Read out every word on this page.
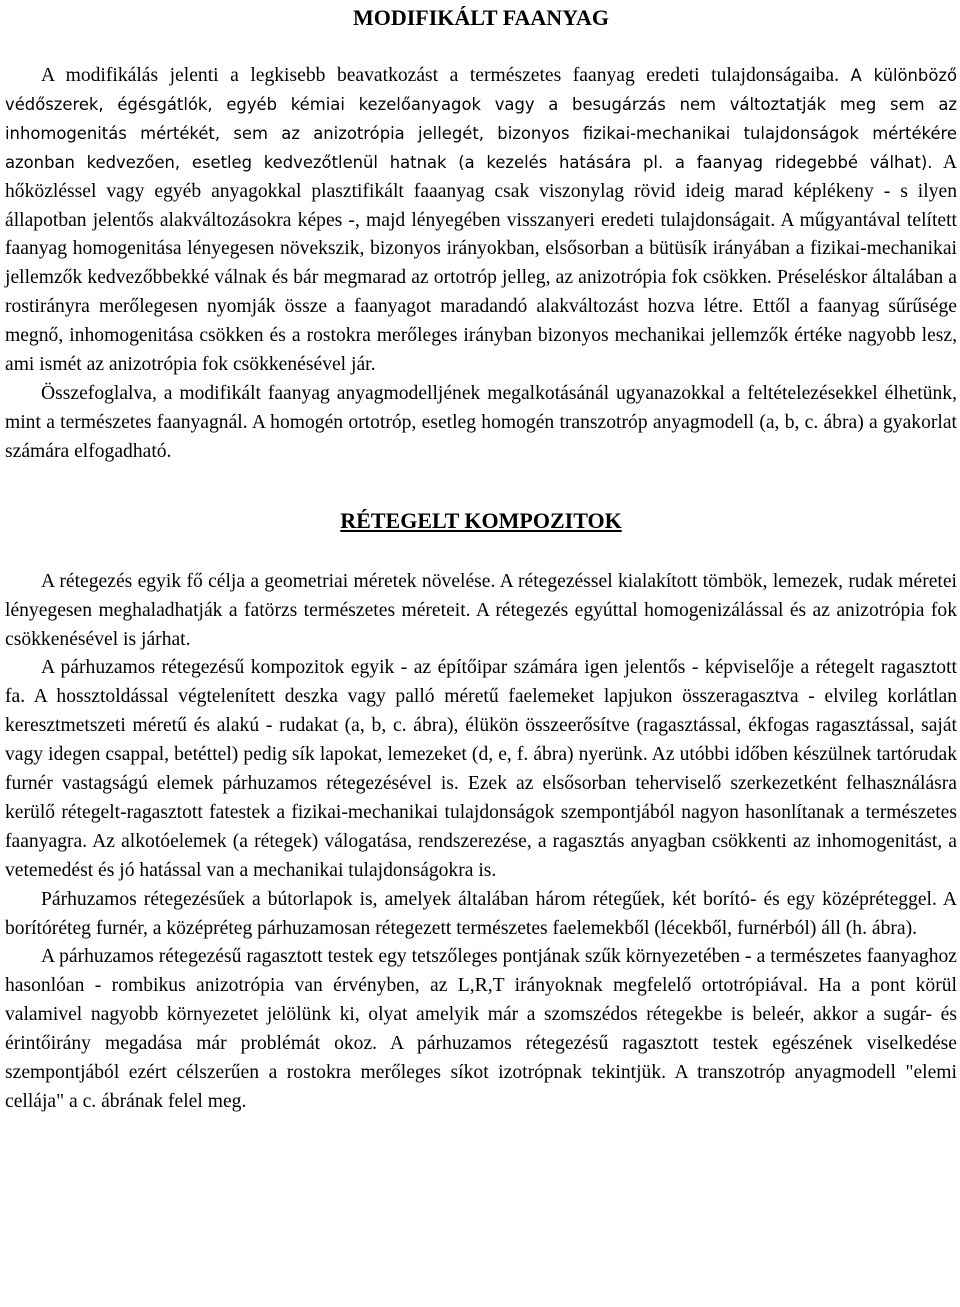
MODIFIKÁLT FAANYAG

A modifikálás jelenti a legkisebb beavatkozást a természetes faanyag eredeti tulajdonságaiba. A különböző védőszerek, égésgátlók, egyéb kémiai kezelőanyagok vagy a besugárzás nem változtatják meg sem az inhomogenitás mértékét, sem az anizotrópia jellegét, bizonyos fizikai-mechanikai tulajdonságok mértékére azonban kedvezően, esetleg kedvezőtlenül hatnak (a kezelés hatására pl. a faanyag ridegebbé válhat). A hőközléssel vagy egyéb anyagokkal plasztifikált faaanyag csak viszonylag rövid ideig marad képlékeny - s ilyen állapotban jelentős alakváltozásokra képes -, majd lényegében visszanyeri eredeti tulajdonságait. A műgyantával telített faanyag homogenitása lényegesen növekszik, bizonyos irányokban, elsősorban a bütüsík irányában a fizikai-mechanikai jellemzők kedvezőbbekké válnak és bár megmarad az ortotróp jelleg, az anizotrópia fok csökken. Préseléskor általában a rostirányra merőlegesen nyomják össze a faanyagot maradandó alakváltozást hozva létre. Ettől a faanyag sűrűsége megnő, inhomogenitása csökken és a rostokra merőleges irányban bizonyos mechanikai jellemzők értéke nagyobb lesz, ami ismét az anizotrópia fok csökkenésével jár.

Összefoglalva, a modifikált faanyag anyagmodelljének megalkotásánál ugyanazokkal a feltételezésekkel élhetünk, mint a természetes faanyagnál. A homogén ortotróp, esetleg homogén transzotróp anyagmodell (a, b, c. ábra) a gyakorlat számára elfogadható.

RÉTEGELT KOMPOZITOK

A rétegezés egyik fő célja a geometriai méretek növelése. A rétegezéssel kialakított tömbök, lemezek, rudak méretei lényegesen meghaladhatják a fatörzs természetes méreteit. A rétegezés egyúttal homogenizálással és az anizotrópia fok csökkenésével is járhat.

A párhuzamos rétegezésű kompozitok egyik - az építőipar számára igen jelentős - képviselője a rétegelt ragasztott fa. A hossztoldással végtelenített deszka vagy palló méretű faelemeket lapjukon összeragasztva - elvileg korlátlan keresztmetszeti méretű és alakú - rudakat (a, b, c. ábra), élükön összeerősítve (ragasztással, ékfogas ragasztással, saját vagy idegen csappal, betéttel) pedig sík lapokat, lemezeket (d, e, f. ábra) nyerünk. Az utóbbi időben készülnek tartórudak furnér vastagságú elemek párhuzamos rétegezésével is. Ezek az elsősorban teherviselő szerkezetként felhasználásra kerülő rétegelt-ragasztott fatestek a fizikai-mechanikai tulajdonságok szempontjából nagyon hasonlítanak a természetes faanyagra. Az alkotóelemek (a rétegek) válogatása, rendszerezése, a ragasztás anyagban csökkenti az inhomogenitást, a vetemedést és jó hatással van a mechanikai tulajdonságokra is.

Párhuzamos rétegezésűek a bútorlapok is, amelyek általában három rétegűek, két borító- és egy középréteggel. A borítóréteg furnér, a középréteg párhuzamosan rétegezett természetes faelemekből (lécekből, furnérból) áll (h. ábra).

A párhuzamos rétegezésű ragasztott testek egy tetszőleges pontjának szűk környezetében - a természetes faanyaghoz hasonlóan - rombikus anizotrópia van érvényben, az L,R,T irányoknak megfelelő ortotrópiával. Ha a pont körül valamivel nagyobb környezetet jelölünk ki, olyat amelyik már a szomszédos rétegekbe is beleér, akkor a sugár- és érintőirány megadása már problémát okoz. A párhuzamos rétegezésű ragasztott testek egészének viselkedése szempontjából ezért célszerűen a rostokra merőleges síkot izotrópnak tekintjük. A transzotróp anyagmodell "elemi cellája" a c. ábrának felel meg.
